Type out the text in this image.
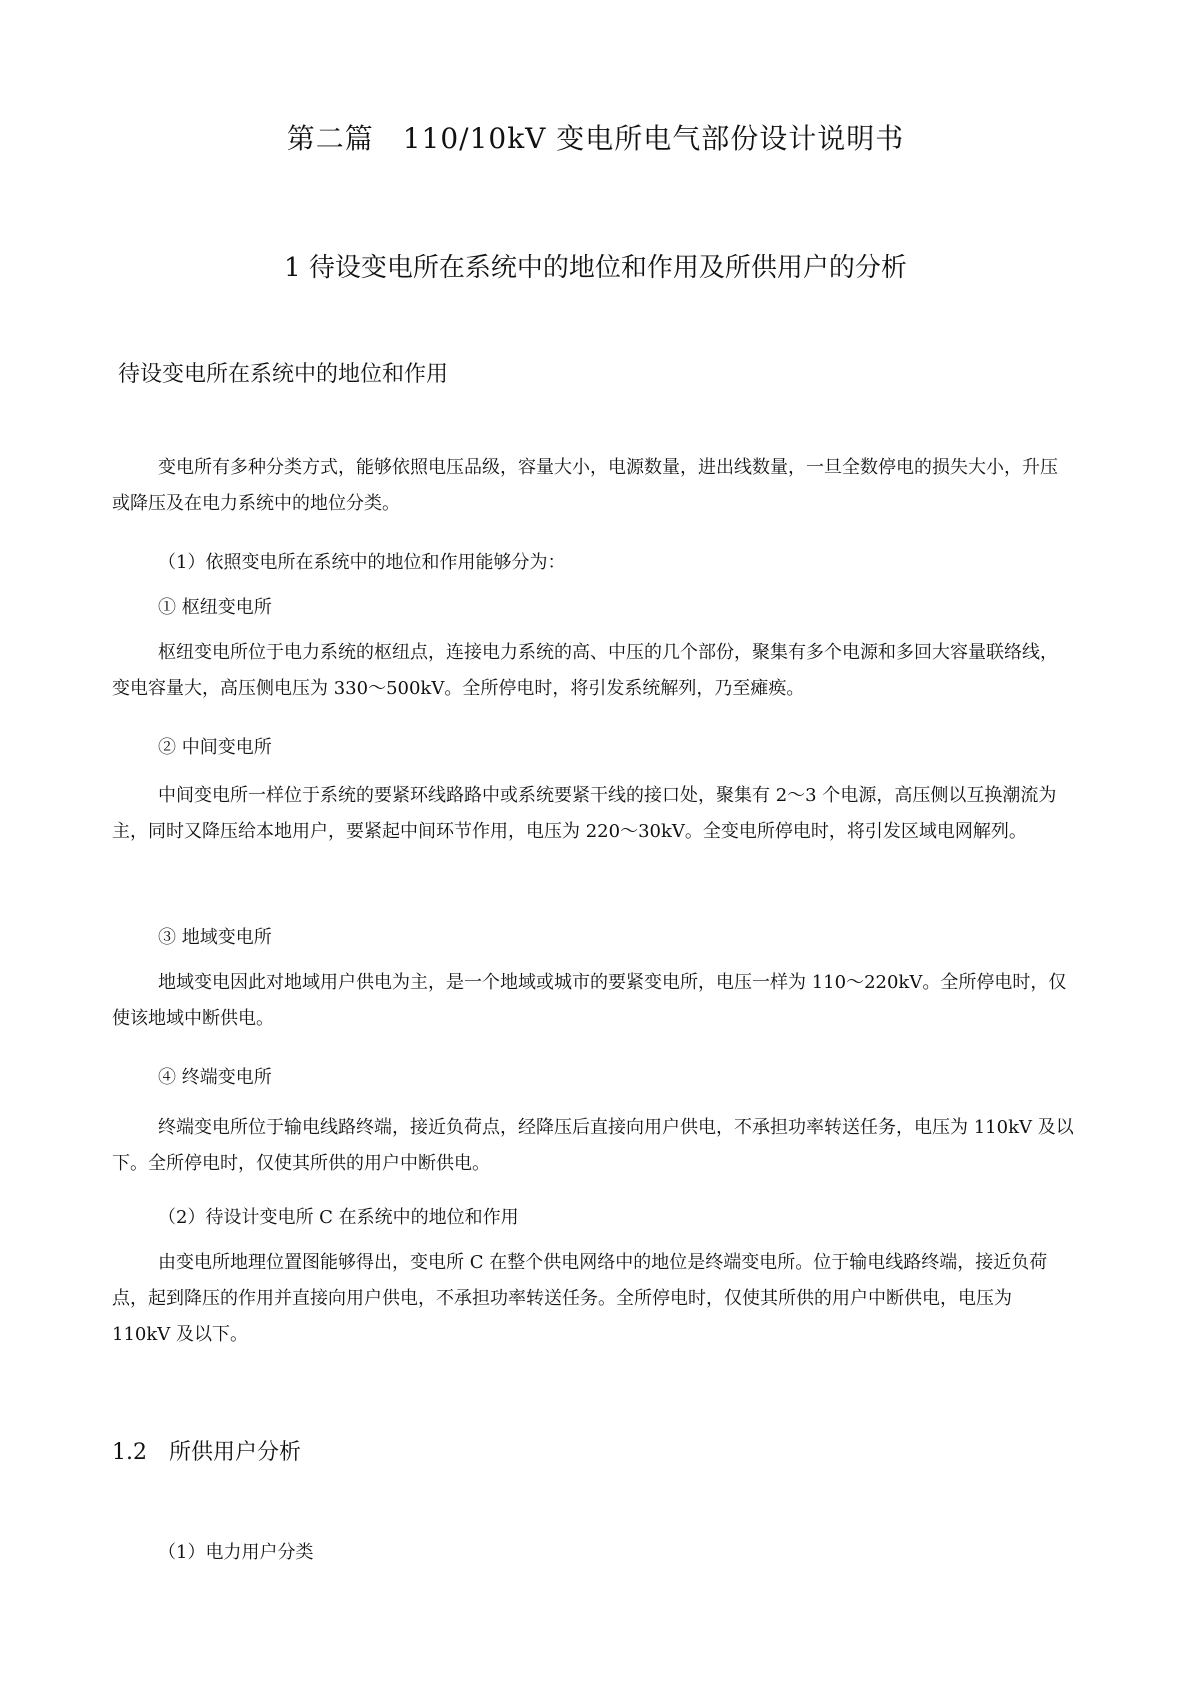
第二篇　110/10kV 变电所电气部份设计说明书
1 待设变电所在系统中的地位和作用及所供用户的分析
待设变电所在系统中的地位和作用
变电所有多种分类方式，能够依照电压品级，容量大小，电源数量，进出线数量，一旦全数停电的损失大小，升压或降压及在电力系统中的地位分类。
（1）依照变电所在系统中的地位和作用能够分为：
① 枢纽变电所
枢纽变电所位于电力系统的枢纽点，连接电力系统的高、中压的几个部份，聚集有多个电源和多回大容量联络线，变电容量大，高压侧电压为 330～500kV。全所停电时，将引发系统解列，乃至瘫痪。
② 中间变电所
中间变电所一样位于系统的要紧环线路路中或系统要紧干线的接口处，聚集有 2～3 个电源，高压侧以互换潮流为主，同时又降压给本地用户，要紧起中间环节作用，电压为 220～30kV。全变电所停电时，将引发区域电网解列。
③ 地域变电所
地域变电因此对地域用户供电为主，是一个地域或城市的要紧变电所，电压一样为 110～220kV。全所停电时，仅使该地域中断供电。
④ 终端变电所
终端变电所位于输电线路终端，接近负荷点，经降压后直接向用户供电，不承担功率转送任务，电压为 110kV 及以下。全所停电时，仅使其所供的用户中断供电。
（2）待设计变电所 C 在系统中的地位和作用
由变电所地理位置图能够得出，变电所 C 在整个供电网络中的地位是终端变电所。位于输电线路终端，接近负荷点，起到降压的作用并直接向用户供电，不承担功率转送任务。全所停电时，仅使其所供的用户中断供电，电压为 110kV 及以下。
1.2　所供用户分析
（1）电力用户分类
